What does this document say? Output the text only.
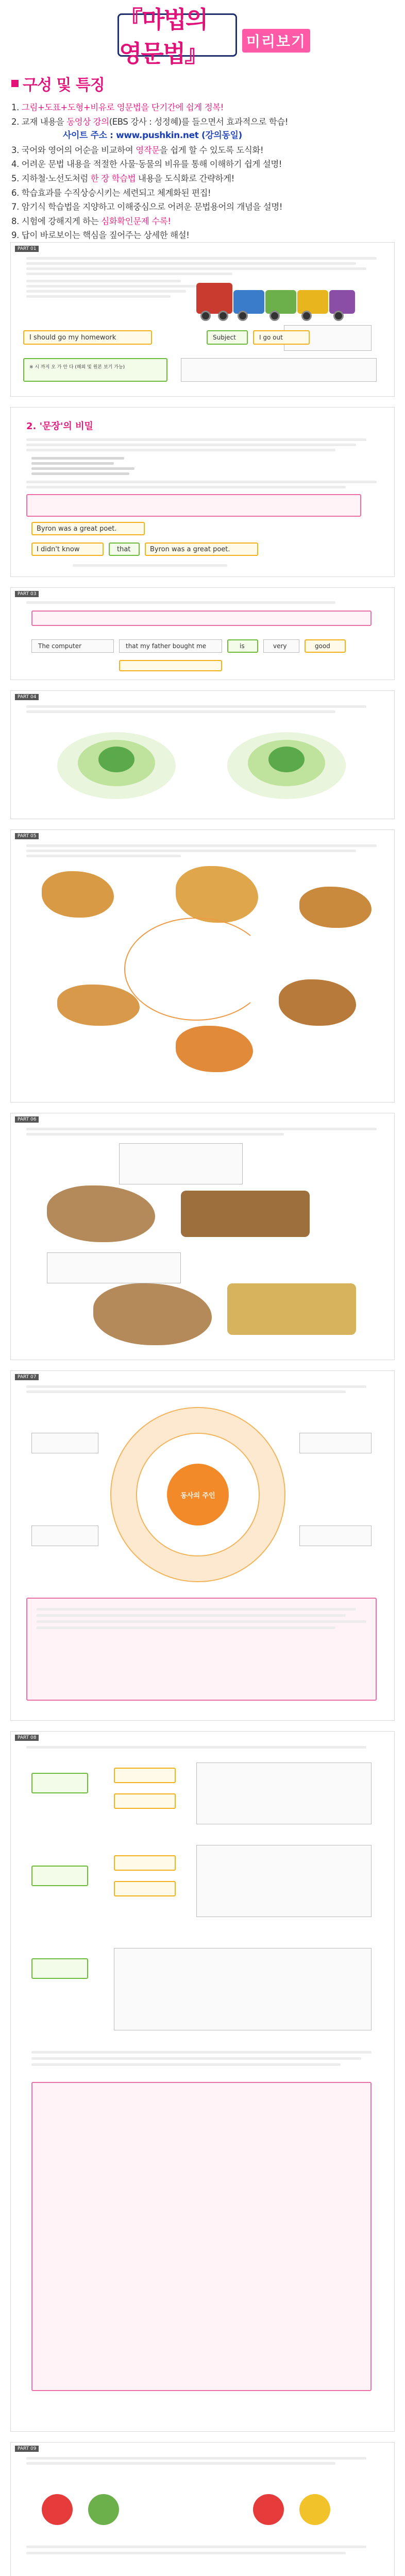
『마법의 영문법』	미리보기
구성 및 특징
1. 그림+도표+도형+비유로 영문법을 단기간에 쉽게 정복!
2. 교재 내용을 동영상 강의(EBS 강사 : 성정혜)를 들으면서 효과적으로 학습!
사이트 주소 : www.pushkin.net (강의동일)
3. 국어와 영어의 어순을 비교하여 영작문을 쉽게 할 수 있도록 도식화!
4. 어려운 문법 내용을 적절한 사물·동물의 비유를 통해 이해하기 쉽게 설명!
5. 지하철·노선도처럼 한 장 학습법 내용을 도식화로 간략하게!
6. 학습효과를 수직상승시키는 세련되고 체계화된 편집!
7. 암기식 학습법을 지양하고 이해중심으로 어려운 문법용어의 개념을 설명!
8. 시험에 강해지게 하는 심화확인문제 수록!
9. 답이 바로보이는 핵심을 짚어주는 상세한 해설!
PART 01
I should go my homework	Subject	I go out
※ 시 까지 오 가 안 다 (해외 및 원본 보기 가능)
2. '문장'의 비밀
Byron was a great poet.
I didn't know	that	Byron was a great poet.
PART 03
The computer	that my father bought me	is	very	good
PART 04
PART 05
PART 06
PART 07
동사의 주인
PART 08
PART 09
